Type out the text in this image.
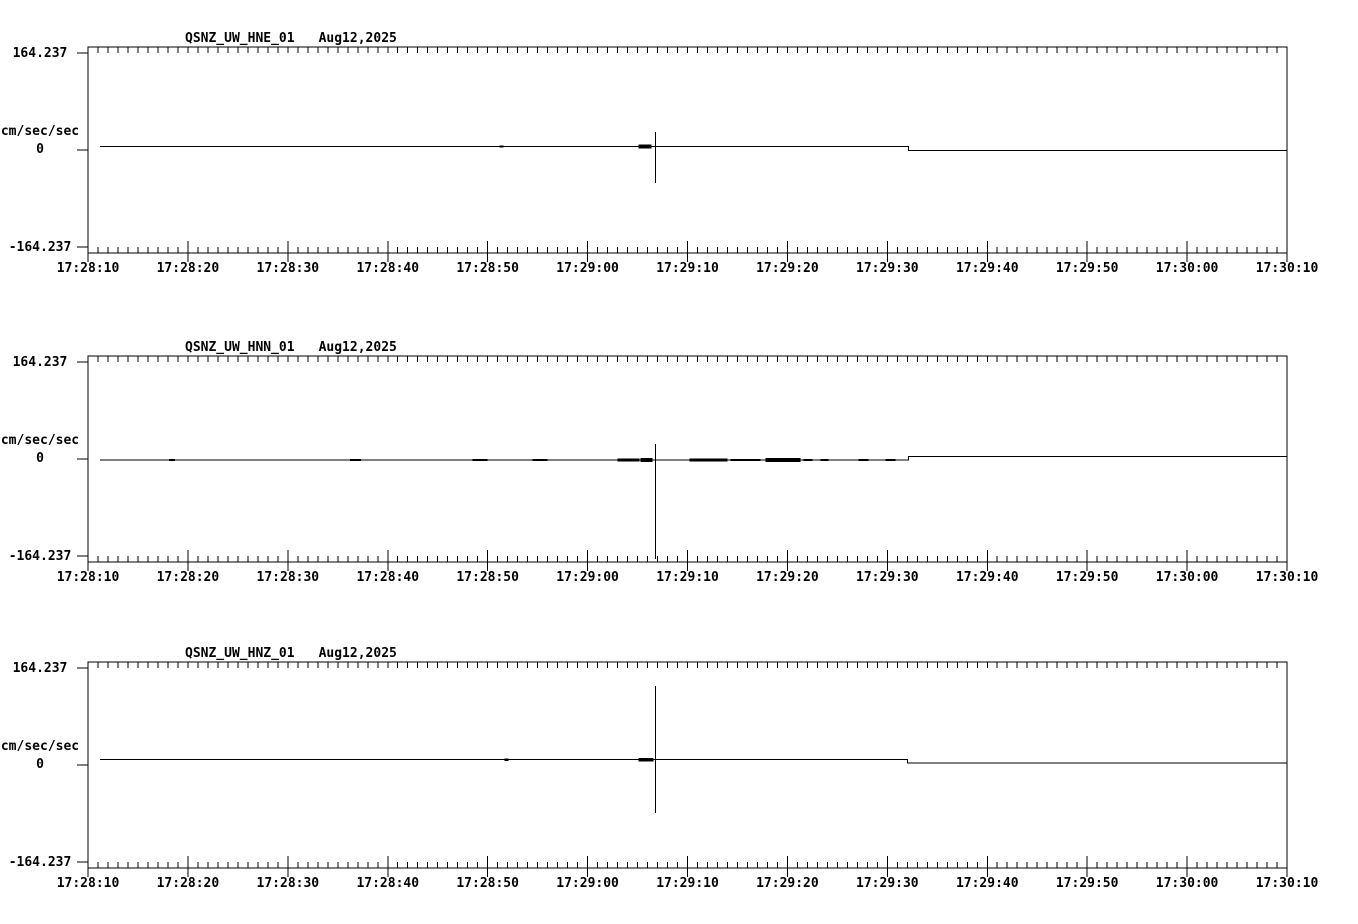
QSNZ_UW_HNE_01 Aug12,2025
164.237
cm/sec/sec
0
-164.237
17:28:10	17:28:20	17:28:30	17:28:40	17:28:50	17:29:00	17:29:10	17:29:20	17:29:30	17:29:40	17:29:50	17:30:00	17:30:10
QSNZ_UW_HNN_01 Aug12,2025
164.237
cm/sec/sec
0
-164.237
17:28:10	17:28:20	17:28:30	17:28:40	17:28:50	17:29:00	17:29:10	17:29:20	17:29:30	17:29:40	17:29:50	17:30:00	17:30:10
QSNZ_UW_HNZ_01 Aug12,2025
164.237
cm/sec/sec
0
-164.237
17:28:10	17:28:20	17:28:30	17:28:40	17:28:50	17:29:00	17:29:10	17:29:20	17:29:30	17:29:40	17:29:50	17:30:00	17:30:10
